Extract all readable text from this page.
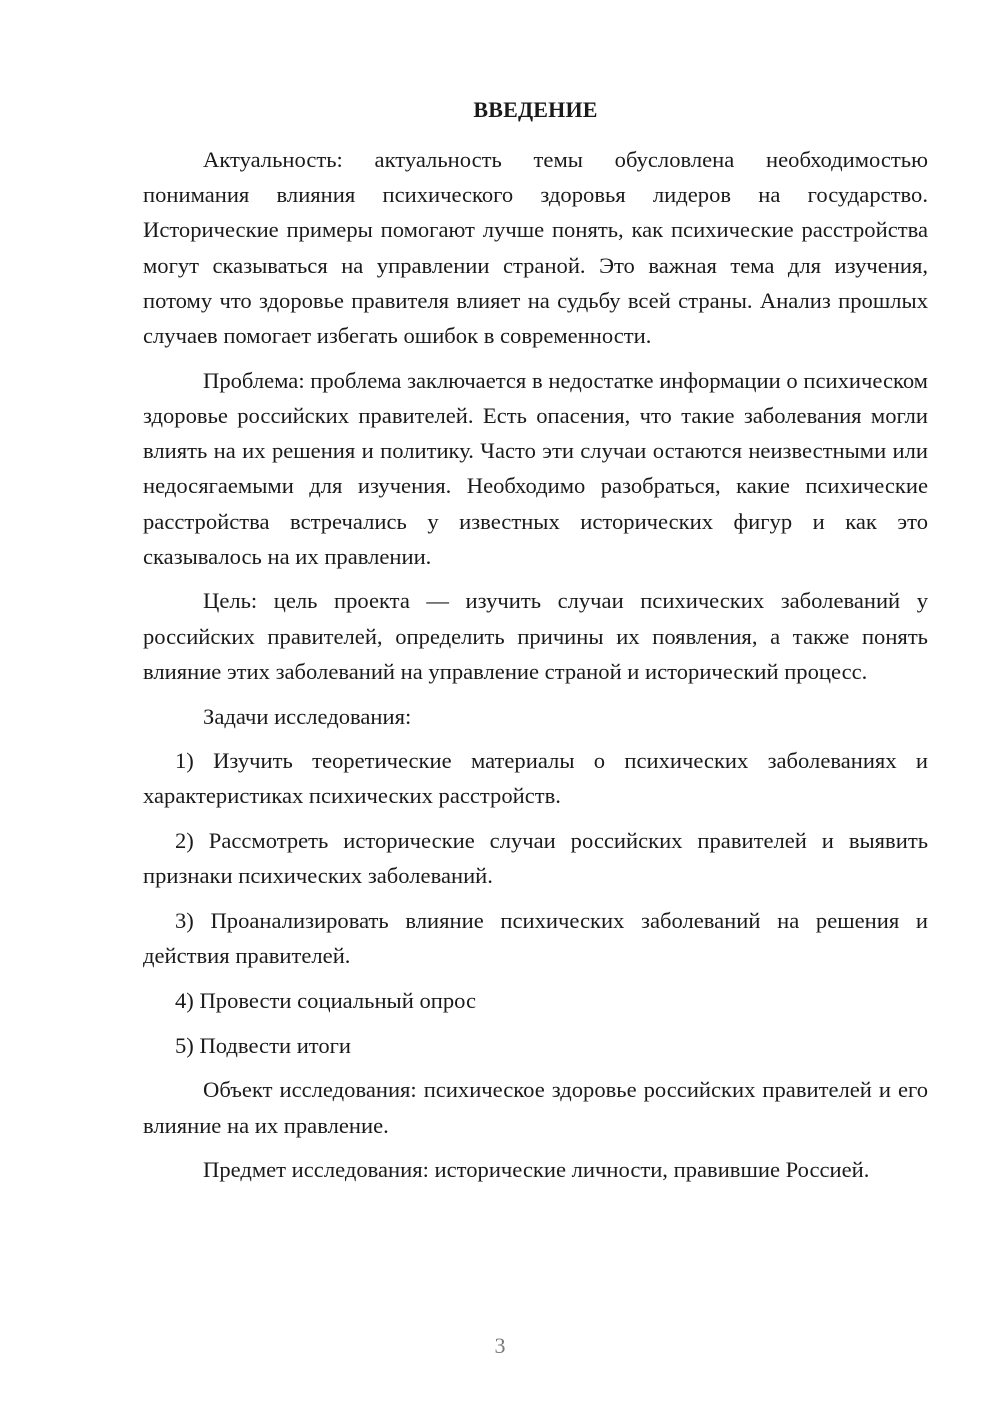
ВВЕДЕНИЕ

Актуальность: актуальность темы обусловлена необходимостью понимания влияния психического здоровья лидеров на государство. Исторические примеры помогают лучше понять, как психические расстройства могут сказываться на управлении страной. Это важная тема для изучения, потому что здоровье правителя влияет на судьбу всей страны. Анализ прошлых случаев помогает избегать ошибок в современности.

Проблема: проблема заключается в недостатке информации о психическом здоровье российских правителей. Есть опасения, что такие заболевания могли влиять на их решения и политику. Часто эти случаи остаются неизвестными или недосягаемыми для изучения. Необходимо разобраться, какие психические расстройства встречались у известных исторических фигур и как это сказывалось на их правлении.

Цель: цель проекта — изучить случаи психических заболеваний у российских правителей, определить причины их появления, а также понять влияние этих заболеваний на управление страной и исторический процесс.

Задачи исследования:

1) Изучить теоретические материалы о психических заболеваниях и характеристиках психических расстройств.

2) Рассмотреть исторические случаи российских правителей и выявить признаки психических заболеваний.

3) Проанализировать влияние психических заболеваний на решения и действия правителей.

4) Провести социальный опрос

5) Подвести итоги

Объект исследования: психическое здоровье российских правителей и его влияние на их правление.

Предмет исследования: исторические личности, правившие Россией.

3
